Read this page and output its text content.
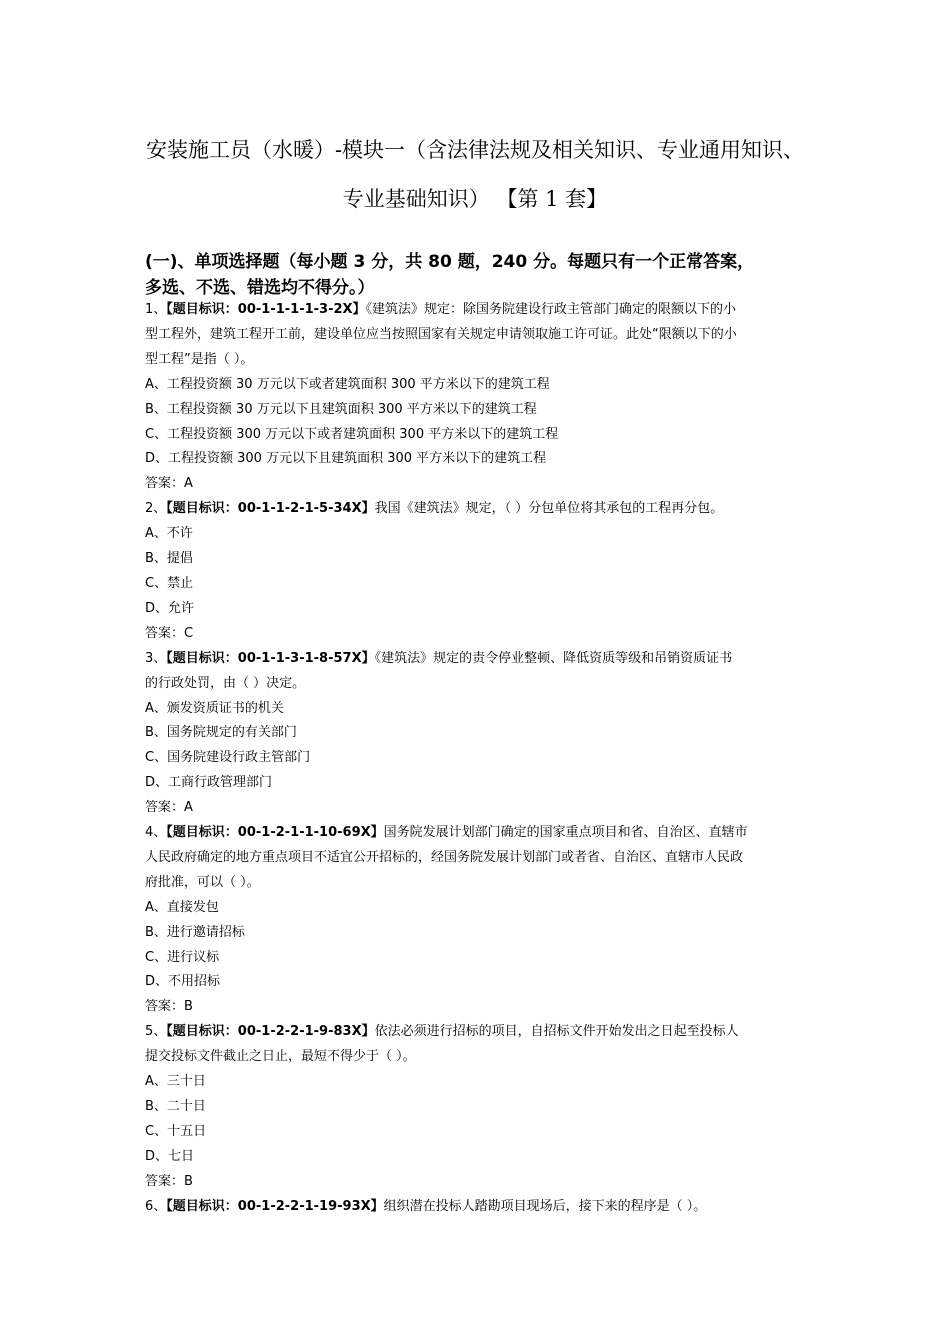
安装施工员（水暖）-模块一（含法律法规及相关知识、专业通用知识、
专业基础知识） 【第 1 套】
(一)、单项选择题（每小题 3 分，共 80 题，240 分。每题只有一个正常答案，
多选、不选、错选均不得分。）
1、【题目标识：00-1-1-1-1-3-2X】《建筑法》规定：除国务院建设行政主管部门确定的限额以下的小
型工程外，建筑工程开工前，建设单位应当按照国家有关规定申请领取施工许可证。此处“限额以下的小
型工程”是指（ ）。
A、工程投资额 30 万元以下或者建筑面积 300 平方米以下的建筑工程
B、工程投资额 30 万元以下且建筑面积 300 平方米以下的建筑工程
C、工程投资额 300 万元以下或者建筑面积 300 平方米以下的建筑工程
D、工程投资额 300 万元以下且建筑面积 300 平方米以下的建筑工程
答案：A
2、【题目标识：00-1-1-2-1-5-34X】我国《建筑法》规定，（ ）分包单位将其承包的工程再分包。
A、不许
B、提倡
C、禁止
D、允许
答案：C
3、【题目标识：00-1-1-3-1-8-57X】《建筑法》规定的责令停业整顿、降低资质等级和吊销资质证书
的行政处罚，由（ ）决定。
A、颁发资质证书的机关
B、国务院规定的有关部门
C、国务院建设行政主管部门
D、工商行政管理部门
答案：A
4、【题目标识：00-1-2-1-1-10-69X】国务院发展计划部门确定的国家重点项目和省、自治区、直辖市
人民政府确定的地方重点项目不适宜公开招标的，经国务院发展计划部门或者省、自治区、直辖市人民政
府批准，可以（ ）。
A、直接发包
B、进行邀请招标
C、进行议标
D、不用招标
答案：B
5、【题目标识：00-1-2-2-1-9-83X】依法必须进行招标的项目，自招标文件开始发出之日起至投标人
提交投标文件截止之日止，最短不得少于（ ）。
A、三十日
B、二十日
C、十五日
D、七日
答案：B
6、【题目标识：00-1-2-2-1-19-93X】组织潜在投标人踏勘项目现场后，接下来的程序是（ ）。
